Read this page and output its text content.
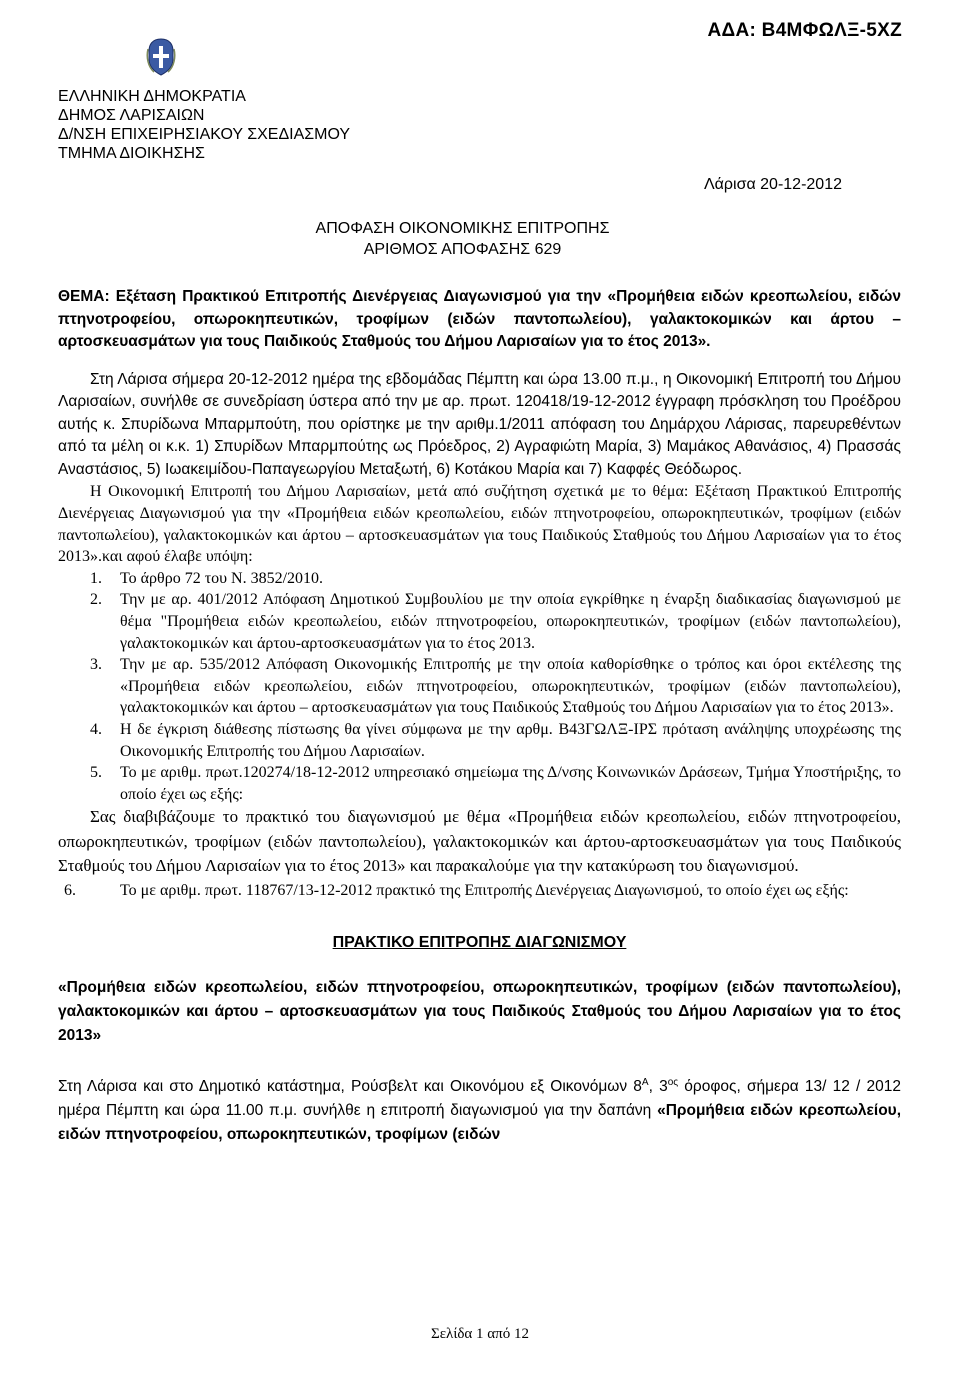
ΑΔΑ: Β4ΜΦΩΛΞ-5ΧΖ
ΕΛΛΗΝΙΚΗ ΔΗΜΟΚΡΑΤΙΑ
ΔΗΜΟΣ ΛΑΡΙΣΑΙΩΝ
Δ/ΝΣΗ ΕΠΙΧΕΙΡΗΣΙΑΚΟΥ ΣΧΕΔΙΑΣΜΟΥ
ΤΜΗΜΑ ΔΙΟΙΚΗΣΗΣ
Λάρισα 20-12-2012
ΑΠΟΦΑΣΗ ΟΙΚΟΝΟΜΙΚΗΣ ΕΠΙΤΡΟΠΗΣ
ΑΡΙΘΜΟΣ ΑΠΟΦΑΣΗΣ 629

ΘΕΜΑ: Εξέταση Πρακτικού Επιτροπής Διενέργειας Διαγωνισμού για την «Προμήθεια ειδών κρεοπωλείου, ειδών πτηνοτροφείου, οπωροκηπευτικών, τροφίμων (ειδών παντοπωλείου), γαλακτοκομικών και άρτου – αρτοσκευασμάτων για τους Παιδικούς Σταθμούς του Δήμου Λαρισαίων για το έτος 2013».

Στη Λάρισα σήμερα 20-12-2012 ημέρα της εβδομάδας Πέμπτη και ώρα 13.00 π.μ., η Οικονομική Επιτροπή του Δήμου Λαρισαίων, συνήλθε σε συνεδρίαση ύστερα από την με αρ. πρωτ. 120418/19-12-2012 έγγραφη πρόσκληση του Προέδρου αυτής κ. Σπυρίδωνα Μπαρμπούτη, που ορίστηκε με την αριθμ.1/2011 απόφαση του Δημάρχου Λάρισας, παρευρεθέντων από τα μέλη οι κ.κ. 1) Σπυρίδων Μπαρμπούτης ως Πρόεδρος, 2) Αγραφιώτη Μαρία, 3) Μαμάκος Αθανάσιος, 4) Πρασσάς Αναστάσιος, 5) Ιωακειμίδου-Παπαγεωργίου Μεταξωτή, 6) Κοτάκου Μαρία και 7) Καφφές Θεόδωρος.

Η Οικονομική Επιτροπή του Δήμου Λαρισαίων, μετά από συζήτηση σχετικά με το θέμα: Εξέταση Πρακτικού Επιτροπής Διενέργειας Διαγωνισμού για την «Προμήθεια ειδών κρεοπωλείου, ειδών πτηνοτροφείου, οπωροκηπευτικών, τροφίμων (ειδών παντοπωλείου), γαλακτοκομικών και άρτου – αρτοσκευασμάτων για τους Παιδικούς Σταθμούς του Δήμου Λαρισαίων για το έτος 2013».και αφού έλαβε υπόψη:

1. Το άρθρο 72 του Ν. 3852/2010.
2. Την με αρ. 401/2012 Απόφαση Δημοτικού Συμβουλίου με την οποία εγκρίθηκε η έναρξη διαδικασίας διαγωνισμού με θέμα "Προμήθεια ειδών κρεοπωλείου, ειδών πτηνοτροφείου, οπωροκηπευτικών, τροφίμων (ειδών παντοπωλείου), γαλακτοκομικών και άρτου-αρτοσκευασμάτων για το έτος 2013.
3. Την με αρ. 535/2012 Απόφαση Οικονομικής Επιτροπής με την οποία καθορίσθηκε ο τρόπος και όροι εκτέλεσης της «Προμήθεια ειδών κρεοπωλείου, ειδών πτηνοτροφείου, οπωροκηπευτικών, τροφίμων (ειδών παντοπωλείου), γαλακτοκομικών και άρτου – αρτοσκευασμάτων για τους Παιδικούς Σταθμούς του Δήμου Λαρισαίων για το έτος 2013».
4. Η δε έγκριση διάθεσης πίστωσης θα γίνει σύμφωνα με την αρθμ. Β43ΓΩΛΞ-ΙΡΣ πρόταση ανάληψης υποχρέωσης της Οικονομικής Επιτροπής του Δήμου Λαρισαίων.
5. Το με αριθμ. πρωτ.120274/18-12-2012 υπηρεσιακό σημείωμα της Δ/νσης Κοινωνικών Δράσεων, Τμήμα Υποστήριξης, το οποίο έχει ως εξής:

Σας διαβιβάζουμε το πρακτικό του διαγωνισμού με θέμα «Προμήθεια ειδών κρεοπωλείου, ειδών πτηνοτροφείου, οπωροκηπευτικών, τροφίμων (ειδών παντοπωλείου), γαλακτοκομικών και άρτου-αρτοσκευασμάτων για τους Παιδικούς Σταθμούς του Δήμου Λαρισαίων για το έτος 2013» και παρακαλούμε για την κατακύρωση του διαγωνισμού.

6.	Το με αριθμ. πρωτ. 118767/13-12-2012 πρακτικό της Επιτροπής Διενέργειας Διαγωνισμού, το οποίο έχει ως εξής:

ΠΡΑΚΤΙΚΟ ΕΠΙΤΡΟΠΗΣ ΔΙΑΓΩΝΙΣΜΟΥ

«Προμήθεια ειδών κρεοπωλείου, ειδών πτηνοτροφείου, οπωροκηπευτικών, τροφίμων (ειδών παντοπωλείου), γαλακτοκομικών και άρτου – αρτοσκευασμάτων για τους Παιδικούς Σταθμούς του Δήμου Λαρισαίων για το έτος 2013»

Στη Λάρισα και στο Δημοτικό κατάστημα, Ρούσβελτ και Οικονόμου εξ Οικονόμων $8^A$, $3^{o\varsigma}$ όροφος, σήμερα 13/ 12 / 2012 ημέρα Πέμπτη και ώρα 11.00 π.μ. συνήλθε η επιτροπή διαγωνισμού για την δαπάνη «Προμήθεια ειδών κρεοπωλείου, ειδών πτηνοτροφείου, οπωροκηπευτικών, τροφίμων (ειδών

Σελίδα 1 από 12
